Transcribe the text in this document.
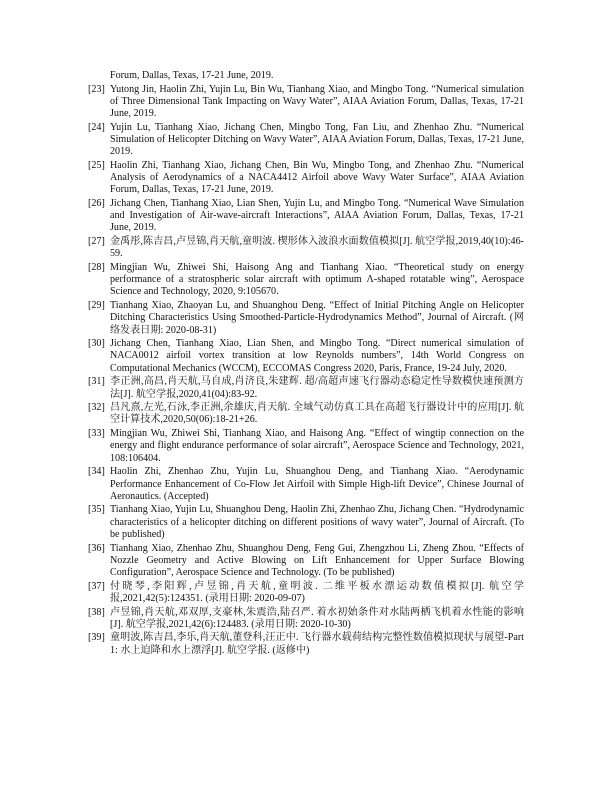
Forum, Dallas, Texas, 17-21 June, 2019.
[23] Yutong Jin, Haolin Zhi, Yujin Lu, Bin Wu, Tianhang Xiao, and Mingbo Tong. “Numerical simulation of Three Dimensional Tank Impacting on Wavy Water”, AIAA Aviation Forum, Dallas, Texas, 17-21 June, 2019.
[24] Yujin Lu, Tianhang Xiao, Jichang Chen, Mingbo Tong, Fan Liu, and Zhenhao Zhu. “Numerical Simulation of Helicopter Ditching on Wavy Water”, AIAA Aviation Forum, Dallas, Texas, 17-21 June, 2019.
[25] Haolin Zhi, Tianhang Xiao, Jichang Chen, Bin Wu, Mingbo Tong, and Zhenhao Zhu. “Numerical Analysis of Aerodynamics of a NACA4412 Airfoil above Wavy Water Surface”, AIAA Aviation Forum, Dallas, Texas, 17-21 June, 2019.
[26] Jichang Chen, Tianhang Xiao, Lian Shen, Yujin Lu, and Mingbo Tong. “Numerical Wave Simulation and Investigation of Air-wave-aircraft Interactions”, AIAA Aviation Forum, Dallas, Texas, 17-21 June, 2019.
[27] 金禹彤,陈吉昌,卢昱锦,肖天航,童明波. 楔形体入波浪水面数值模拟[J]. 航空学报,2019,40(10):46-59.
[28] Mingjian Wu, Zhiwei Shi, Haisong Ang and Tianhang Xiao. “Theoretical study on energy performance of a stratospheric solar aircraft with optimum Λ-shaped rotatable wing”, Aerospace Science and Technology, 2020, 9:105670.
[29] Tianhang Xiao, Zhaoyan Lu, and Shuanghou Deng. “Effect of Initial Pitching Angle on Helicopter Ditching Characteristics Using Smoothed-Particle-Hydrodynamics Method”, Journal of Aircraft. (网络发表日期: 2020-08-31)
[30] Jichang Chen, Tianhang Xiao, Lian Shen, and Mingbo Tong. “Direct numerical simulation of NACA0012 airfoil vortex transition at low Reynolds numbers”, 14th World Congress on Computational Mechanics (WCCM), ECCOMAS Congress 2020, Paris, France, 19-24 July, 2020.
[31] 李正洲,高昌,肖天航,马自成,肖济良,朱建辉. 超/高超声速飞行器动态稳定性导数模快速预测方法[J]. 航空学报,2020,41(04):83-92.
[32] 吕凡熹,左光,石泳,李正洲,余雄庆,肖天航. 全域气动仿真工具在高超飞行器设计中的应用[J]. 航空计算技术,2020,50(06):18-21+26.
[33] Mingjian Wu, Zhiwei Shi, Tianhang Xiao, and Haisong Ang. “Effect of wingtip connection on the energy and flight endurance performance of solar aircraft”, Aerospace Science and Technology, 2021, 108:106404.
[34] Haolin Zhi, Zhenhao Zhu, Yujin Lu, Shuanghou Deng, and Tianhang Xiao. “Aerodynamic Performance Enhancement of Co-Flow Jet Airfoil with Simple High-lift Device”, Chinese Journal of Aeronautics. (Accepted)
[35] Tianhang Xiao, Yujin Lu, Shuanghou Deng, Haolin Zhi, Zhenhao Zhu, Jichang Chen. “Hydrodynamic characteristics of a helicopter ditching on different positions of wavy water”, Journal of Aircraft. (To be published)
[36] Tianhang Xiao, Zhenhao Zhu, Shuanghou Deng, Feng Gui, Zhengzhou Li, Zheng Zhou. “Effects of Nozzle Geometry and Active Blowing on Lift Enhancement for Upper Surface Blowing Configuration”, Aerospace Science and Technology. (To be published)
[37] 付晓琴,李阳辉,卢昱锦,肖天航,童明波. 二维平板水漂运动数值模拟[J]. 航空学报,2021,42(5):124351. (录用日期: 2020-09-07)
[38] 卢昱锦,肖天航,邓双厚,支豪林,朱震浩,陆召严. 着水初始条件对水陆两栖飞机着水性能的影响[J]. 航空学报,2021,42(6):124483. (录用日期: 2020-10-30)
[39] 童明波,陈吉昌,李乐,肖天航,董登科,汪正中. 飞行器水载荷结构完整性数值模拟现状与展望-Part 1: 水上迫降和水上漂浮[J]. 航空学报. (返修中)
